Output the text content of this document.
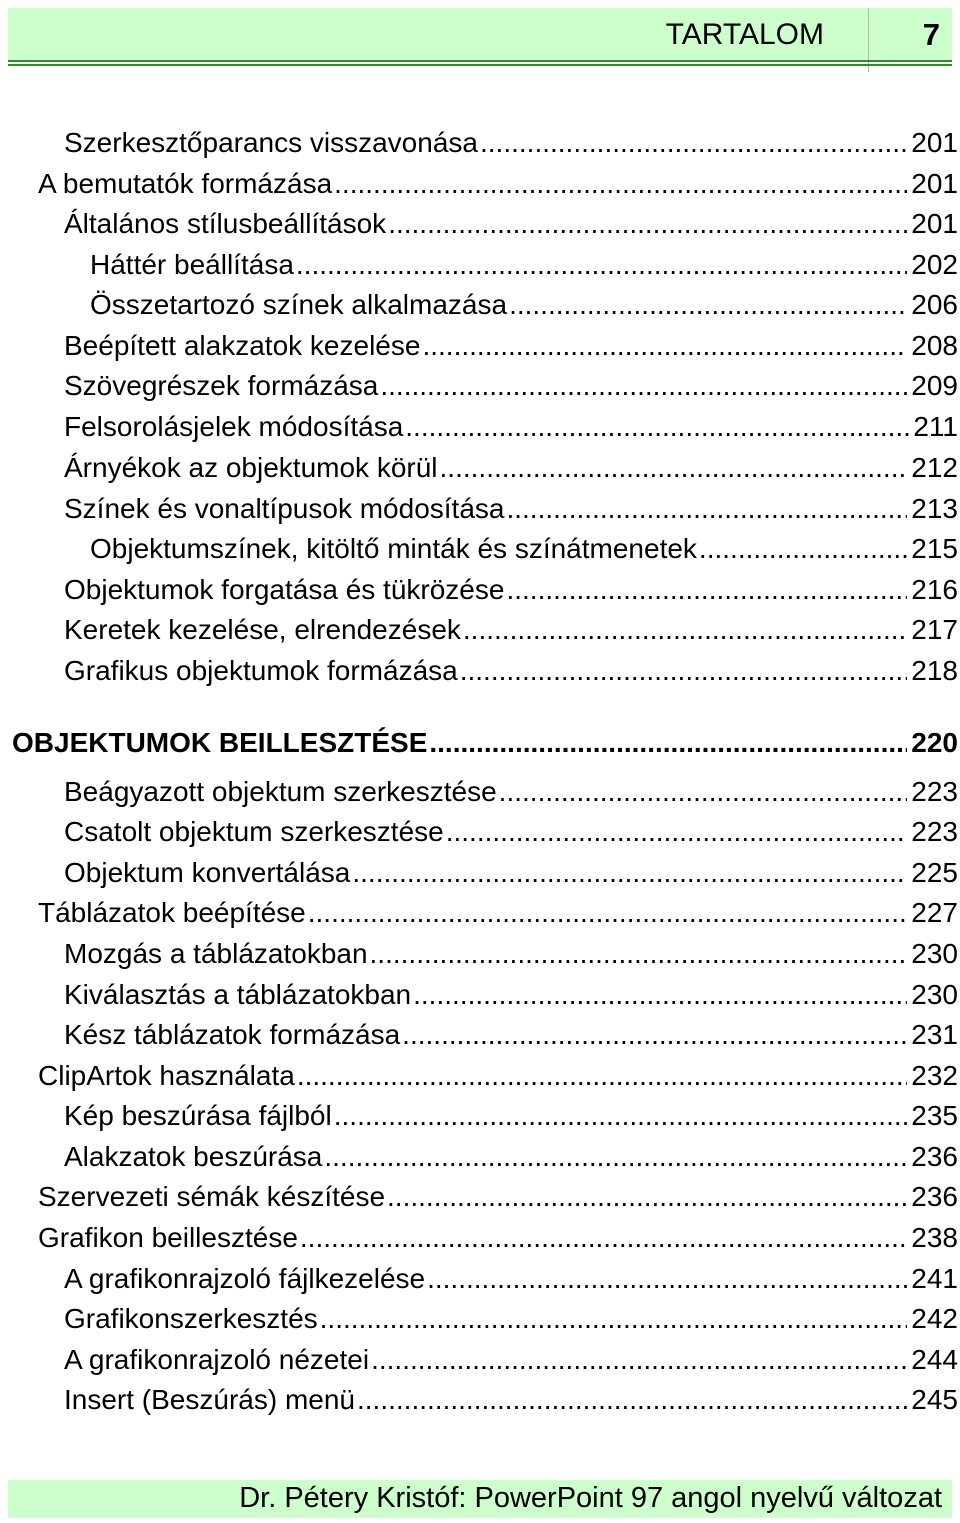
TARTALOM	7
Szerkesztőparancs visszavonása .....	201
A bemutatók formázása .....	201
Általános stílusbeállítások .....	201
Háttér beállítása .....	202
Összetartozó színek alkalmazása .....	206
Beépített alakzatok kezelése .....	208
Szövegrészek formázása .....	209
Felsorolásjelek módosítása .....	211
Árnyékok az objektumok körül .....	212
Színek és vonaltípusok módosítása .....	213
Objektumszínek, kitöltő minták és színátmenetek .....	215
Objektumok forgatása és tükrözése .....	216
Keretek kezelése, elrendezések .....	217
Grafikus objektumok formázása .....	218
OBJEKTUMOK BEILLESZTÉSE .....	220
Beágyazott objektum szerkesztése .....	223
Csatolt objektum szerkesztése .....	223
Objektum konvertálása .....	225
Táblázatok beépítése .....	227
Mozgás a táblázatokban .....	230
Kiválasztás a táblázatokban .....	230
Kész táblázatok formázása .....	231
ClipArtok használata .....	232
Kép beszúrása fájlból .....	235
Alakzatok beszúrása .....	236
Szervezeti sémák készítése .....	236
Grafikon beillesztése .....	238
A grafikonrajzoló fájlkezelése .....	241
Grafikonszerkesztés .....	242
A grafikonrajzoló nézetei .....	244
Insert (Beszúrás) menü .....	245
Dr. Pétery Kristóf: PowerPoint 97 angol nyelvű változat
